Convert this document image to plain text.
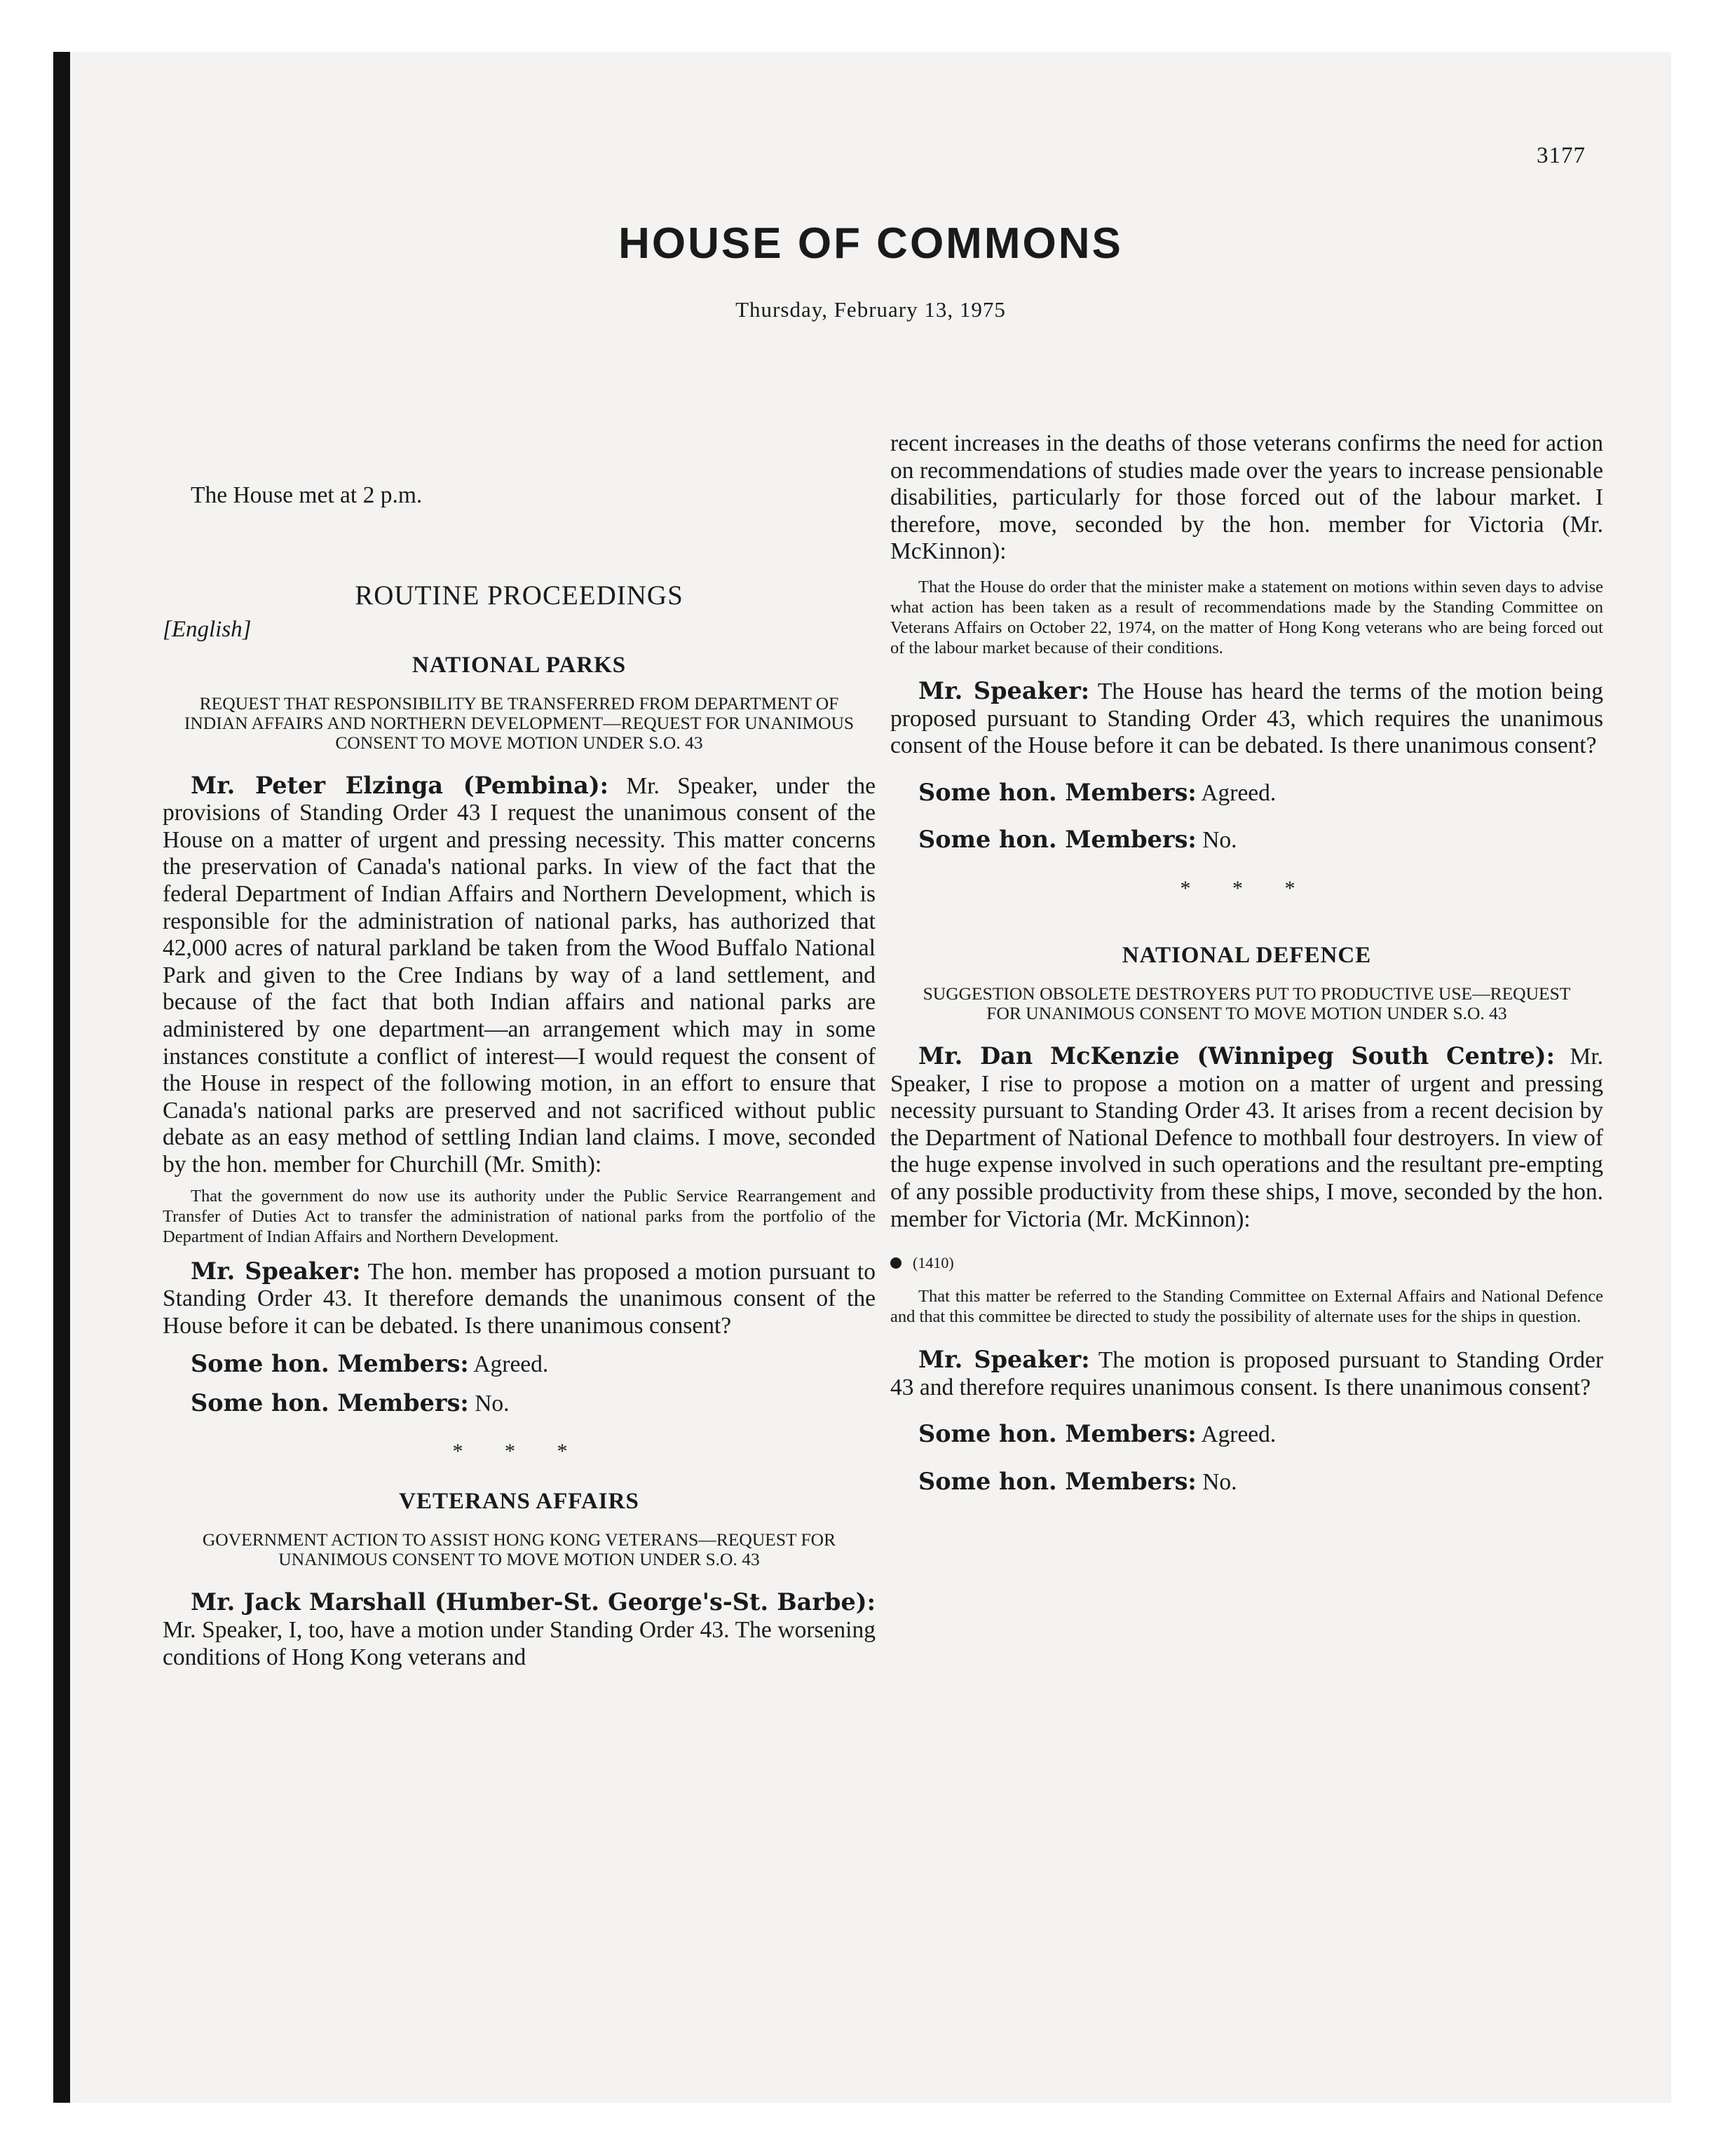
3177
HOUSE OF COMMONS
Thursday, February 13, 1975

The House met at 2 p.m.

ROUTINE PROCEEDINGS
[English]
NATIONAL PARKS
REQUEST THAT RESPONSIBILITY BE TRANSFERRED FROM DEPARTMENT OF INDIAN AFFAIRS AND NORTHERN DEVELOPMENT—REQUEST FOR UNANIMOUS CONSENT TO MOVE MOTION UNDER S.O. 43

Mr. Peter Elzinga (Pembina): Mr. Speaker, under the provisions of Standing Order 43 I request the unanimous consent of the House on a matter of urgent and pressing necessity. This matter concerns the preservation of Canada's national parks. In view of the fact that the federal Department of Indian Affairs and Northern Development, which is responsible for the administration of national parks, has authorized that 42,000 acres of natural parkland be taken from the Wood Buffalo National Park and given to the Cree Indians by way of a land settlement, and because of the fact that both Indian affairs and national parks are administered by one department—an arrangement which may in some instances constitute a conflict of interest—I would request the consent of the House in respect of the following motion, in an effort to ensure that Canada's national parks are preserved and not sacrificed without public debate as an easy method of settling Indian land claims. I move, seconded by the hon. member for Churchill (Mr. Smith):

That the government do now use its authority under the Public Service Rearrangement and Transfer of Duties Act to transfer the administration of national parks from the portfolio of the Department of Indian Affairs and Northern Development.

Mr. Speaker: The hon. member has proposed a motion pursuant to Standing Order 43. It therefore demands the unanimous consent of the House before it can be debated. Is there unanimous consent?

Some hon. Members: Agreed.

Some hon. Members: No.

* * *
VETERANS AFFAIRS
GOVERNMENT ACTION TO ASSIST HONG KONG VETERANS—REQUEST FOR UNANIMOUS CONSENT TO MOVE MOTION UNDER S.O. 43

Mr. Jack Marshall (Humber-St. George's-St. Barbe): Mr. Speaker, I, too, have a motion under Standing Order 43. The worsening conditions of Hong Kong veterans and

recent increases in the deaths of those veterans confirms the need for action on recommendations of studies made over the years to increase pensionable disabilities, particularly for those forced out of the labour market. I therefore, move, seconded by the hon. member for Victoria (Mr. McKinnon):

That the House do order that the minister make a statement on motions within seven days to advise what action has been taken as a result of recommendations made by the Standing Committee on Veterans Affairs on October 22, 1974, on the matter of Hong Kong veterans who are being forced out of the labour market because of their conditions.

Mr. Speaker: The House has heard the terms of the motion being proposed pursuant to Standing Order 43, which requires the unanimous consent of the House before it can be debated. Is there unanimous consent?

Some hon. Members: Agreed.

Some hon. Members: No.

* * *
NATIONAL DEFENCE
SUGGESTION OBSOLETE DESTROYERS PUT TO PRODUCTIVE USE—REQUEST FOR UNANIMOUS CONSENT TO MOVE MOTION UNDER S.O. 43

Mr. Dan McKenzie (Winnipeg South Centre): Mr. Speaker, I rise to propose a motion on a matter of urgent and pressing necessity pursuant to Standing Order 43. It arises from a recent decision by the Department of National Defence to mothball four destroyers. In view of the huge expense involved in such operations and the resultant pre-empting of any possible productivity from these ships, I move, seconded by the hon. member for Victoria (Mr. McKinnon):

(1410)

That this matter be referred to the Standing Committee on External Affairs and National Defence and that this committee be directed to study the possibility of alternate uses for the ships in question.

Mr. Speaker: The motion is proposed pursuant to Standing Order 43 and therefore requires unanimous consent. Is there unanimous consent?

Some hon. Members: Agreed.

Some hon. Members: No.
